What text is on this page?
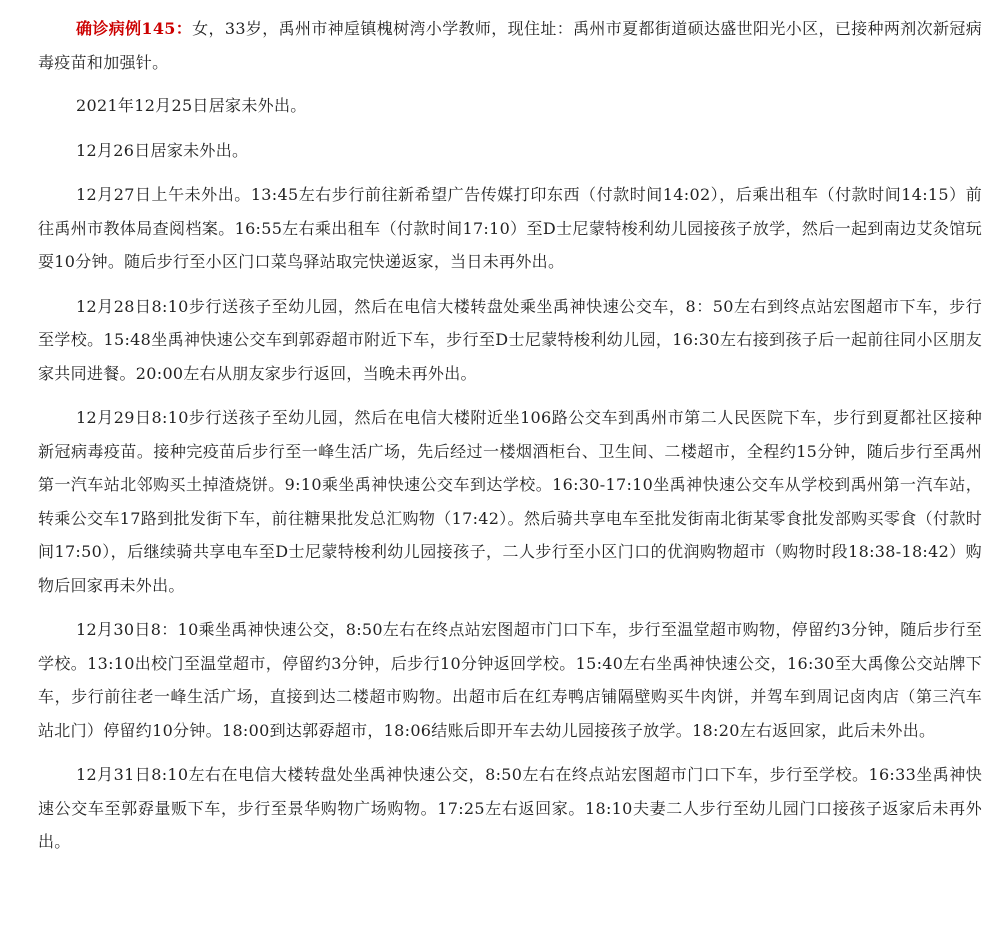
确诊病例145：女，33岁，禹州市神垕镇槐树湾小学教师，现住址：禹州市夏都街道硕达盛世阳光小区，已接种两剂次新冠病毒疫苗和加强针。

2021年12月25日居家未外出。

12月26日居家未外出。

12月27日上午未外出。13:45左右步行前往新希望广告传媒打印东西（付款时间14:02），后乘出租车（付款时间14:15）前往禹州市教体局查阅档案。16:55左右乘出租车（付款时间17:10）至D士尼蒙特梭利幼儿园接孩子放学，然后一起到南边艾灸馆玩耍10分钟。随后步行至小区门口菜鸟驿站取完快递返家，当日未再外出。

12月28日8:10步行送孩子至幼儿园，然后在电信大楼转盘处乘坐禹神快速公交车，8：50左右到终点站宏图超市下车，步行至学校。15:48坐禹神快速公交车到郭孬超市附近下车，步行至D士尼蒙特梭利幼儿园，16:30左右接到孩子后一起前往同小区朋友家共同进餐。20:00左右从朋友家步行返回，当晚未再外出。

12月29日8:10步行送孩子至幼儿园，然后在电信大楼附近坐106路公交车到禹州市第二人民医院下车，步行到夏都社区接种新冠病毒疫苗。接种完疫苗后步行至一峰生活广场，先后经过一楼烟酒柜台、卫生间、二楼超市，全程约15分钟，随后步行至禹州第一汽车站北邻购买土掉渣烧饼。9:10乘坐禹神快速公交车到达学校。16:30-17:10坐禹神快速公交车从学校到禹州第一汽车站，转乘公交车17路到批发街下车，前往糖果批发总汇购物（17:42）。然后骑共享电车至批发街南北街某零食批发部购买零食（付款时间17:50），后继续骑共享电车至D士尼蒙特梭利幼儿园接孩子，二人步行至小区门口的优润购物超市（购物时段18:38-18:42）购物后回家再未外出。

12月30日8：10乘坐禹神快速公交，8:50左右在终点站宏图超市门口下车，步行至温堂超市购物，停留约3分钟，随后步行至学校。13:10出校门至温堂超市，停留约3分钟，后步行10分钟返回学校。15:40左右坐禹神快速公交，16:30至大禹像公交站牌下车，步行前往老一峰生活广场，直接到达二楼超市购物。出超市后在红寿鸭店铺隔壁购买牛肉饼，并驾车到周记卤肉店（第三汽车站北门）停留约10分钟。18:00到达郭孬超市，18:06结账后即开车去幼儿园接孩子放学。18:20左右返回家，此后未外出。

12月31日8:10左右在电信大楼转盘处坐禹神快速公交，8:50左右在终点站宏图超市门口下车，步行至学校。16:33坐禹神快速公交车至郭孬量贩下车，步行至景华购物广场购物。17:25左右返回家。18:10夫妻二人步行至幼儿园门口接孩子返家后未再外出。
